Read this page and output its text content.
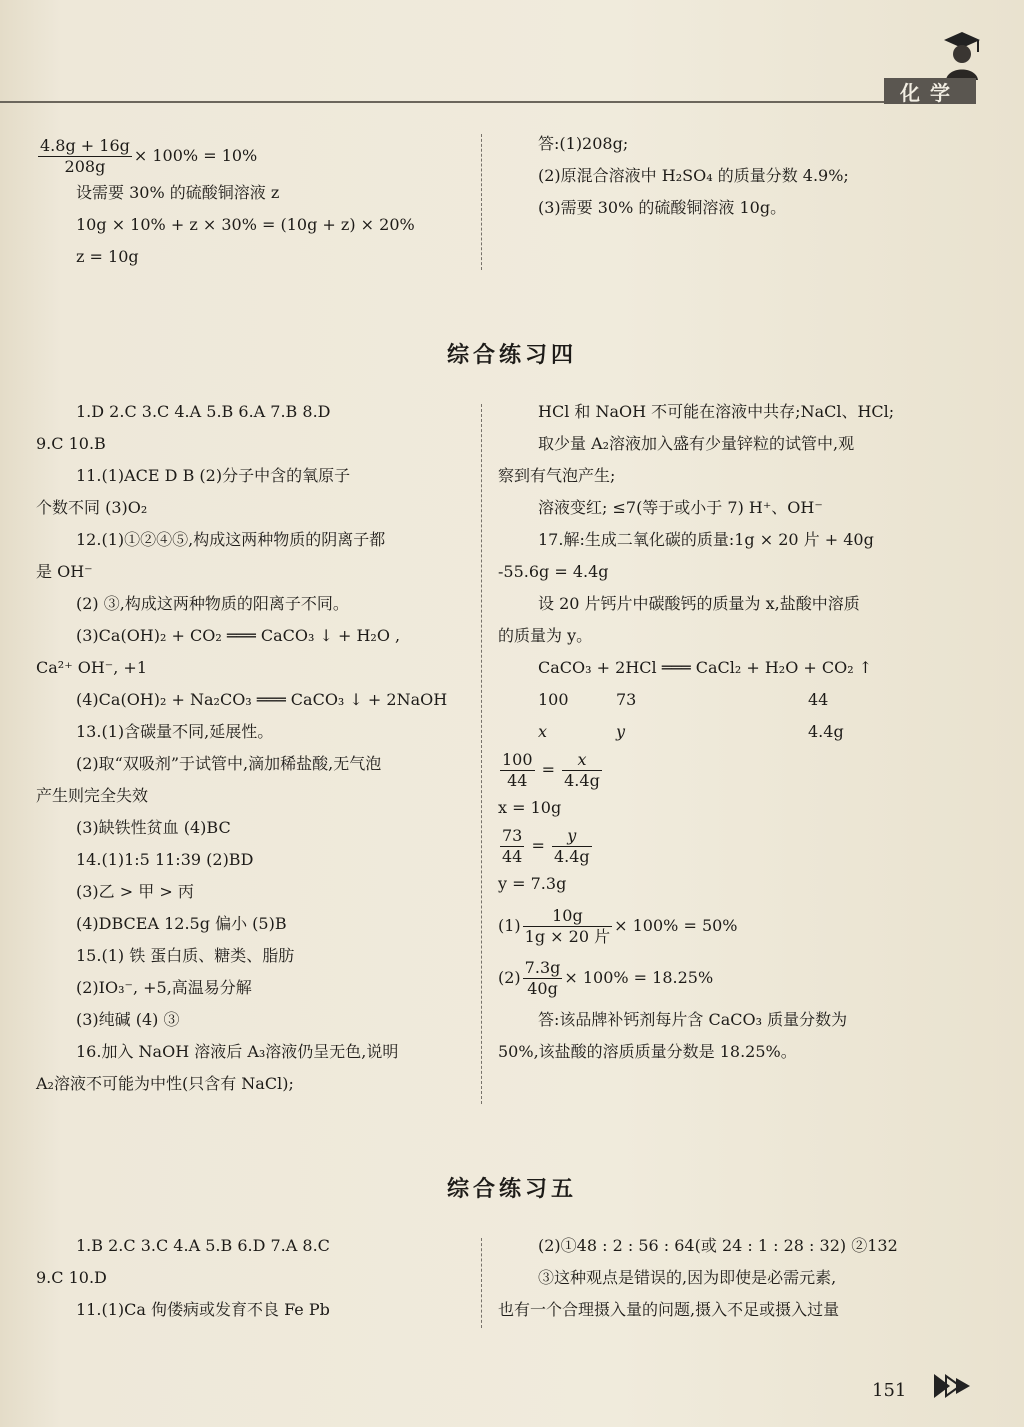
化学

$\frac{4.8g + 16g}{208g} \times 100\% = 10\%$

设需要 30% 的硫酸铜溶液 z

10g × 10% + z × 30% = (10g + z) × 20%

z = 10g

答:(1)208g;

(2)原混合溶液中 H₂SO₄ 的质量分数 4.9%;

(3)需要 30% 的硫酸铜溶液 10g。

综合练习四

1.D 2.C 3.C 4.A 5.B 6.A 7.B 8.D

9.C 10.B

11.(1)ACE D B (2)分子中含的氧原子

个数不同 (3)O₂

12.(1)①②④⑤,构成这两种物质的阴离子都

是 OH⁻

(2) ③,构成这两种物质的阳离子不同。

(3)Ca(OH)₂ + CO₂ ═══ CaCO₃ ↓ + H₂O ,

Ca²⁺ OH⁻, +1

(4)Ca(OH)₂ + Na₂CO₃ ═══ CaCO₃ ↓ + 2NaOH

13.(1)含碳量不同,延展性。

(2)取“双吸剂”于试管中,滴加稀盐酸,无气泡

产生则完全失效

(3)缺铁性贫血 (4)BC

14.(1)1:5 11:39 (2)BD

(3)乙 > 甲 > 丙

(4)DBCEA 12.5g 偏小 (5)B

15.(1) 铁 蛋白质、糖类、脂肪

(2)IO₃⁻, +5,高温易分解

(3)纯碱 (4) ③

16.加入 NaOH 溶液后 A₃溶液仍呈无色,说明

A₂溶液不可能为中性(只含有 NaCl);

HCl 和 NaOH 不可能在溶液中共存;NaCl、HCl;

取少量 A₂溶液加入盛有少量锌粒的试管中,观

察到有气泡产生;

溶液变红; ≤7(等于或小于 7) H⁺、OH⁻

17.解:生成二氧化碳的质量:1g × 20 片 + 40g

-55.6g = 4.4g

设 20 片钙片中碳酸钙的质量为 x,盐酸中溶质

的质量为 y。

CaCO₃ + 2HCl ═══ CaCl₂ + H₂O + CO₂ ↑

100	73	44

x	y	4.4g

$\frac{100}{44} = \frac{x}{4.4g}$

x = 10g

$\frac{73}{44} = \frac{y}{4.4g}$

y = 7.3g

$(1) \frac{10g}{\text{1g × 20 片}} \times 100\% = 50\%$

$(2) \frac{7.3g}{40g} \times 100\% = 18.25\%$

答:该品牌补钙剂每片含 CaCO₃ 质量分数为

50%,该盐酸的溶质质量分数是 18.25%。

综合练习五

1.B 2.C 3.C 4.A 5.B 6.D 7.A 8.C

9.C 10.D

11.(1)Ca 佝偻病或发育不良 Fe Pb

(2)①48 : 2 : 56 : 64(或 24 : 1 : 28 : 32) ②132

③这种观点是错误的,因为即使是必需元素,

也有一个合理摄入量的问题,摄入不足或摄入过量

151
